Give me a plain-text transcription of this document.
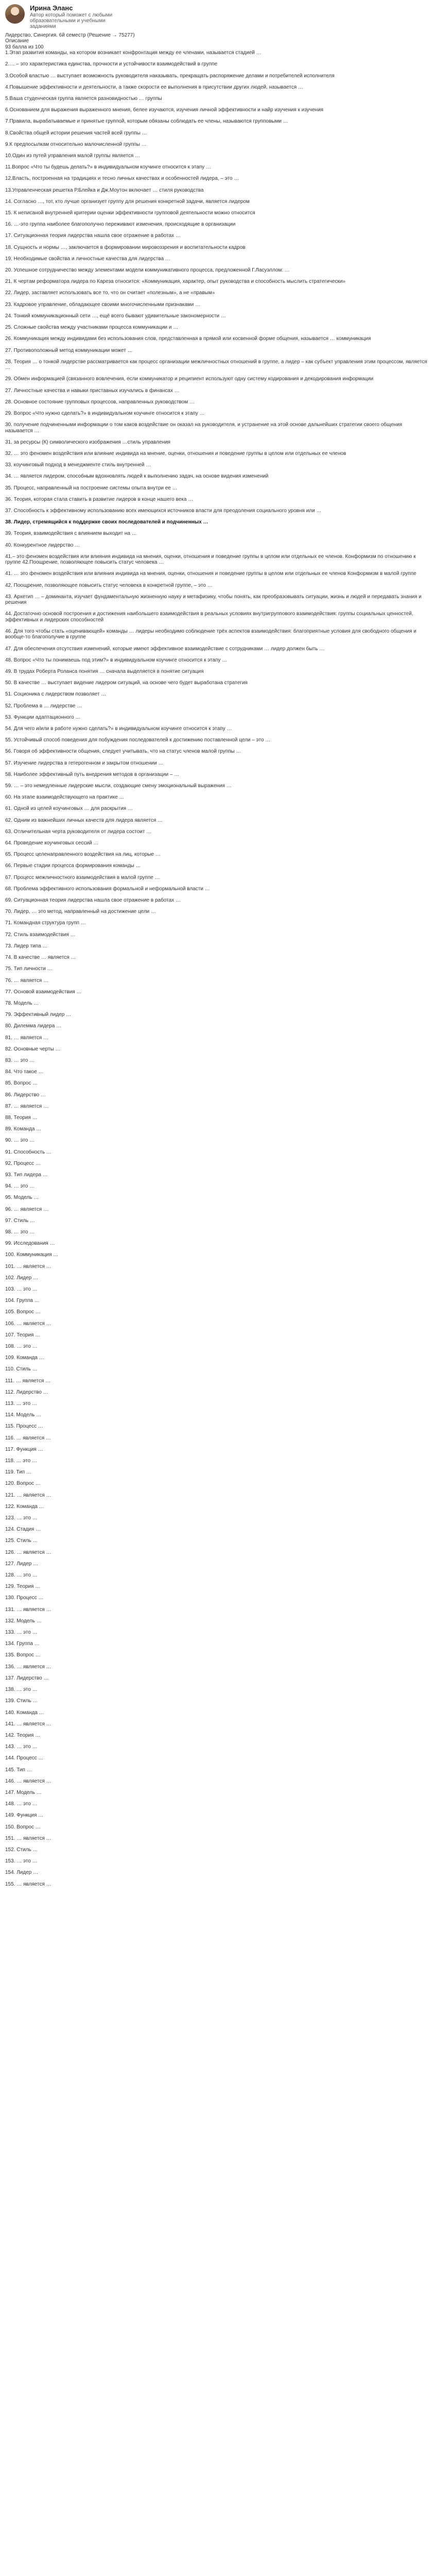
Ирина Эланс
Автор который поможет с любыми образовательными и учебными заданиями
Лидерство, Синергия. 6й семестр (Решение → 75277)
Описание
93 балла из 100
1.Этап развития команды, на котором возникает конфронтация между ее членами, называется стадией …
2.… – это характеристика единства, прочности и устойчивости взаимодействий в группе
3.Особой властью … выступает возможность руководителя наказывать, прекращать распоряжение делами и потребителей исполнителя
4.Повышение эффективности и деятельности, а также скорости ее выполнения в присутствии других людей, называется …
5.Ваша студенческая группа является разновидностью … группы
6.Основанием для выражения выраженного мнения, белее изучаются, изучения личной эффективности и найр изучения к изучения
7.Правила, вырабатываемые и принятые группой, которым обязаны соблюдать ее члены, называются групповыми …
8.Свойства общей истории решения частей всей группы …
9.К предпосылкам относительно малочисленной группы …
10.Один из путей управления малой группы является …
11.Вопрос «Что ты будешь делать?» в индивидуальном коучинге относится к этапу …
12.Власть, построенная на традициях и тесно личных качествах и особенностей лидера, – это …
13.Управленческая решетка Р.Блейка и Дж.Моутон включает … стиля руководства
14. Согласно …, тот, кто лучше организует группу для решения конкретной задачи, является лидером
15. К неписаной внутренней критерии оценки эффективности групповой деятельности можно относится
16. …‑это группа наиболее благополучно переживают изменения, происходящие в организации
17. Ситуационная теория лидерства нашла свое отражение в работах …
18. Сущность и нормы …, заключается в формировании мировоззрения и воспитательности кадров
19. Необходимые свойства и личностные качества для лидерства …
20. Успешное сотрудничество между элементами модели коммуникативного процесса, предложенной Г.Ласуэллом: …
21. К чертам реформатора лидера по Кареза относится: «Коммуникация, характер, опыт руководства и способность мыслить стратегически»
22. Лидер, заставляет использовать все то, что он считает «полезным», а не «правым»
23. Кадровое управление, обладающее своими многочисленными признаками …
24. Тонкий коммуникационный сети …, ещё всего бывают удивительные закономерности …
25. Сложные свойства между участниками процесса коммуникации и …
26. Коммуникация между индивидами без использования слов, представленная в прямой или косвенной форме общения, называется … коммуникация
27. Противоположный метод коммуникации может …
28. Теория … о тонкой лидерстве рассматривается как процесс организации межличностных отношений в группе, а лидер – как субъект управления этим процессом, является …
29. Обмен информацией (связанного вовлечения, если коммуникатор и реципиент используют одну систему кодирования и декодирования информации
27. Личностные качества и навыки приставных изучались в финансах …
28. Основное состояние групповых процессов, направленных руководством …
29. Вопрос «Что нужно сделать?» в индивидуальном коучинге относится к этапу …
30. получение подчиненными информации о том каков воздействие он оказал на руководителя, и устранение на этой основе дальнейших стратегии своего общения называется …
31. за ресурсы (К) символического изображения …стиль управления
32. … это феномен воздействия или влияние индивида на мнение, оценки, отношения и поведение группы в целом или отдельных ее членов
33. коучинговый подход в менеджменте стиль внутренней …
34. … является лидером, способным вдохновлять людей к выполнению задач, на основе видения изменений
35. Процесс, направленный на построение системы опыта внутри ее …
36. Теория, которая стала ставить в развитие лидеров в конце нашего века …
37. Способность к эффективному использованию всех имеющихся источников власти для преодоления социального уровня или …
38. Лидер, стремящийся к поддержке своих последователей и подчиненных …
39. Теория, взаимодействия с влиянием выходит на …
40. Конкурентное лидерство …
41.– это феномен воздействия или влияния индивида на мнения, оценки, отношения и поведение группы в целом или отдельных ее членов. Конформизм по отношению к группе 42.Поощрение, позволяющее повысить статус человека …
41. … это феномен воздействия или влияния индивида на мнения, оценки, отношения и поведение группы в целом или отдельных ее членов Конформизм в малой группе
42. Поощрение, позволяющее повысить статус человека в конкретной группе, – это …
43. Архетип … – доминанта, изучает фундаментальную жизненную науку и метафизику, чтобы понять, как преобразовывать ситуации, жизнь и людей и передавать знания и решения
44. Достаточно основой построения и достижения наибольшего взаимодействия в реальных условиях внутригруппового взаимодействия: группы социальных ценностей, эффективных и лидерских способностей
46. Для того чтобы стать «оценивающей» команды … лидеры необходимо соблюдение трёх аспектов взаимодействия: благоприятные условия для свободного общения и вообще-то благополучие в группе
47. Для обеспечения отсутствия изменений, которые имеют эффективное взаимодействие с сотрудниками … лидер должен быть …
48. Вопрос «Что ты понимаешь под этим?» в индивидуальном коучинге относится к этапу …
49. В трудах Роберта Роланса понятия … сначала выделяется в понятие ситуация
50. В качестве … выступает видение лидером ситуаций, на основе чего будет выработана стратегия
51. Соционика с лидерством позволяет …
52. Проблема в … лидерстве …
53. Функции адаптационного …
54. Для чего и/или в работе нужно сделать?» в индивидуальном коучинге относится к этапу …
55. Устойчивый способ поведения для побуждения последователей к достижению поставленной цели – это …
56. Говоря об эффективности общения, следует учитывать, что на статус членов малой группы …
57. Изучение лидерства в гетерогенном и закрытом отношении …
58. Наиболее эффективный путь внедрения методов в организации – …
59. … – это немедленные лидерские мысли, создающие смену эмоциональный выражения …
60. На этапе взаимодействующего на практике …
61. Одной из целей коучинговых … для раскрытия …
62. Одним из важнейших личных качеств для лидера является …
63. Отличительная черта руководителя от лидера состоит …
64. Проведение коучинговых сессий …
65. Процесс целенаправленного воздействия на лиц, которые …
66. Первые стадии процесса формирования команды …
67. Процесс межличностного взаимодействия в малой группе …
68. Проблема эффективного использования формальной и неформальной власти …
69. Ситуационная теория лидерства нашла свое отражение в работах …
70. Лидер, … это метод, направленный на достижение цели …
71. Командная структура групп …
72. Стиль взаимодействия …
73. Лидер типа …
74. В качестве … является …
75. Тип личности …
76. … является …
77. Основой взаимодействия …
78. Модель …
79. Эффективный лидер …
80. Дилемма лидера …
81. … является …
82. Основные черты …
83. … это …
84. Что такое …
85. Вопрос …
86. Лидерство …
87. … является …
88. Теория …
89. Команда …
90. … это …
91. Способность …
92. Процесс …
93. Тип лидера …
94. … это …
95. Модель …
96. … является …
97. Стиль …
98. … это …
99. Исследования …
100. Коммуникация …
101. … является …
102. Лидер …
103. … это …
104. Группа …
105. Вопрос …
106. … является …
107. Теория …
108. … это …
109. Команда …
110. Стиль …
111. … является …
112. Лидерство …
113. … это …
114. Модель …
115. Процесс …
116. … является …
117. Функция …
118. … это …
119. Тип …
120. Вопрос …
121. … является …
122. Команда …
123. … это …
124. Стадия …
125. Стиль …
126. … является …
127. Лидер …
128. … это …
129. Теория …
130. Процесс …
131. … является …
132. Модель …
133. … это …
134. Группа …
135. Вопрос …
136. … является …
137. Лидерство …
138. … это …
139. Стиль …
140. Команда …
141. … является …
142. Теория …
143. … это …
144. Процесс …
145. Тип …
146. … является …
147. Модель …
148. … это …
149. Функция …
150. Вопрос …
151. … является …
152. Стиль …
153. … это …
154. Лидер …
155. … является …
